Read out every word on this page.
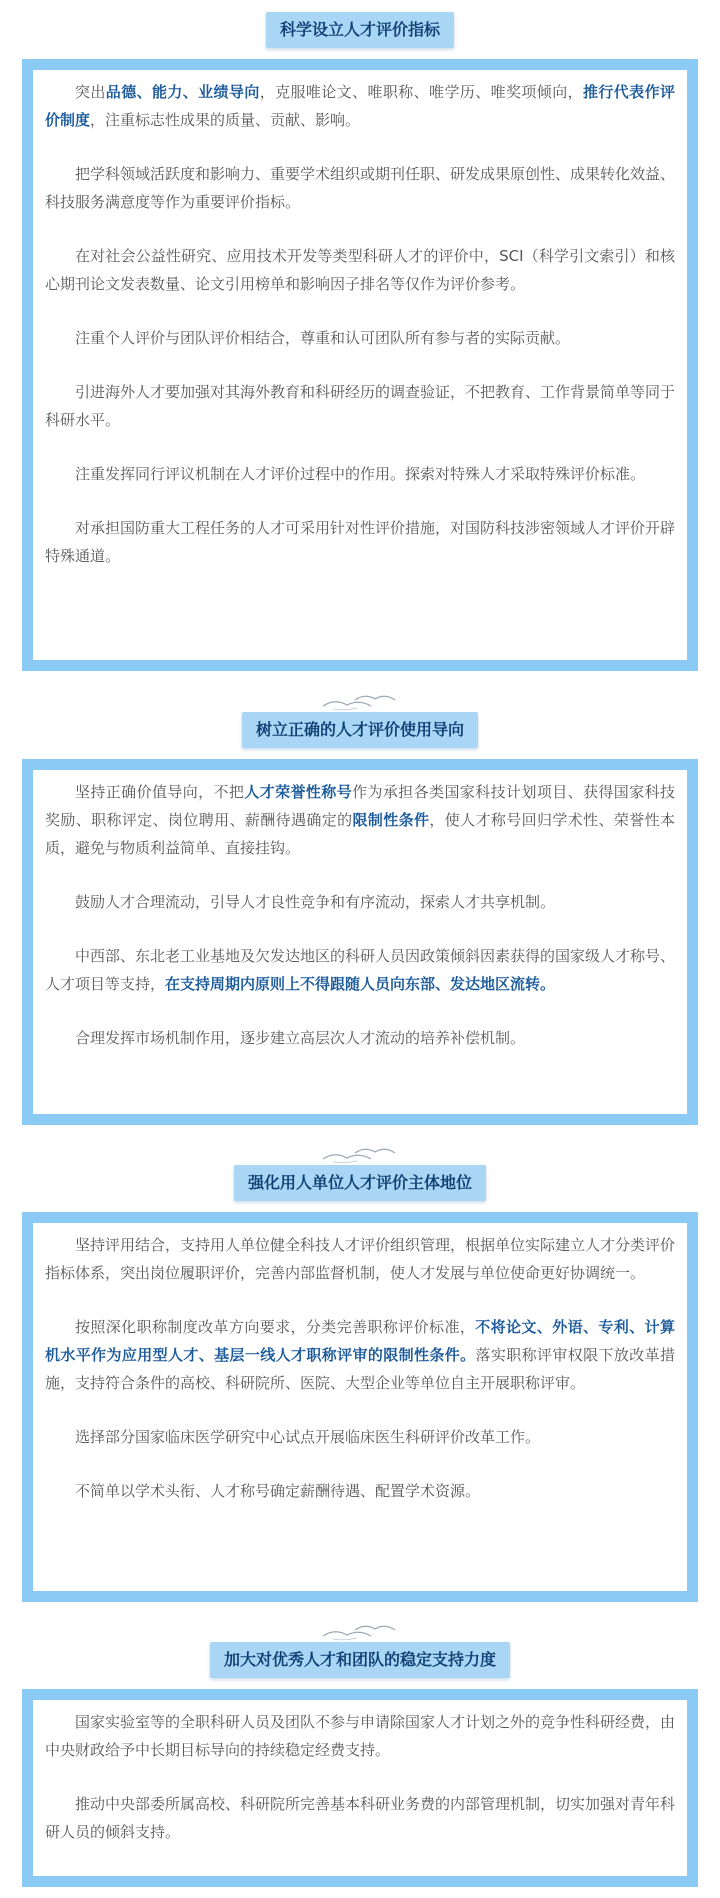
科学设立人才评价指标

突出品德、能力、业绩导向，克服唯论文、唯职称、唯学历、唯奖项倾向，推行代表作评价制度，注重标志性成果的质量、贡献、影响。

把学科领域活跃度和影响力、重要学术组织或期刊任职、研发成果原创性、成果转化效益、科技服务满意度等作为重要评价指标。

在对社会公益性研究、应用技术开发等类型科研人才的评价中，SCI（科学引文索引）和核心期刊论文发表数量、论文引用榜单和影响因子排名等仅作为评价参考。

注重个人评价与团队评价相结合，尊重和认可团队所有参与者的实际贡献。

引进海外人才要加强对其海外教育和科研经历的调查验证，不把教育、工作背景简单等同于科研水平。

注重发挥同行评议机制在人才评价过程中的作用。探索对特殊人才采取特殊评价标准。

对承担国防重大工程任务的人才可采用针对性评价措施，对国防科技涉密领域人才评价开辟特殊通道。

树立正确的人才评价使用导向

坚持正确价值导向，不把人才荣誉性称号作为承担各类国家科技计划项目、获得国家科技奖励、职称评定、岗位聘用、薪酬待遇确定的限制性条件，使人才称号回归学术性、荣誉性本质，避免与物质利益简单、直接挂钩。

鼓励人才合理流动，引导人才良性竞争和有序流动，探索人才共享机制。

中西部、东北老工业基地及欠发达地区的科研人员因政策倾斜因素获得的国家级人才称号、人才项目等支持，在支持周期内原则上不得跟随人员向东部、发达地区流转。

合理发挥市场机制作用，逐步建立高层次人才流动的培养补偿机制。

强化用人单位人才评价主体地位

坚持评用结合，支持用人单位健全科技人才评价组织管理，根据单位实际建立人才分类评价指标体系，突出岗位履职评价，完善内部监督机制，使人才发展与单位使命更好协调统一。

按照深化职称制度改革方向要求，分类完善职称评价标准，不将论文、外语、专利、计算机水平作为应用型人才、基层一线人才职称评审的限制性条件。落实职称评审权限下放改革措施，支持符合条件的高校、科研院所、医院、大型企业等单位自主开展职称评审。

选择部分国家临床医学研究中心试点开展临床医生科研评价改革工作。

不简单以学术头衔、人才称号确定薪酬待遇、配置学术资源。

加大对优秀人才和团队的稳定支持力度

国家实验室等的全职科研人员及团队不参与申请除国家人才计划之外的竞争性科研经费，由中央财政给予中长期目标导向的持续稳定经费支持。

推动中央部委所属高校、科研院所完善基本科研业务费的内部管理机制，切实加强对青年科研人员的倾斜支持。
